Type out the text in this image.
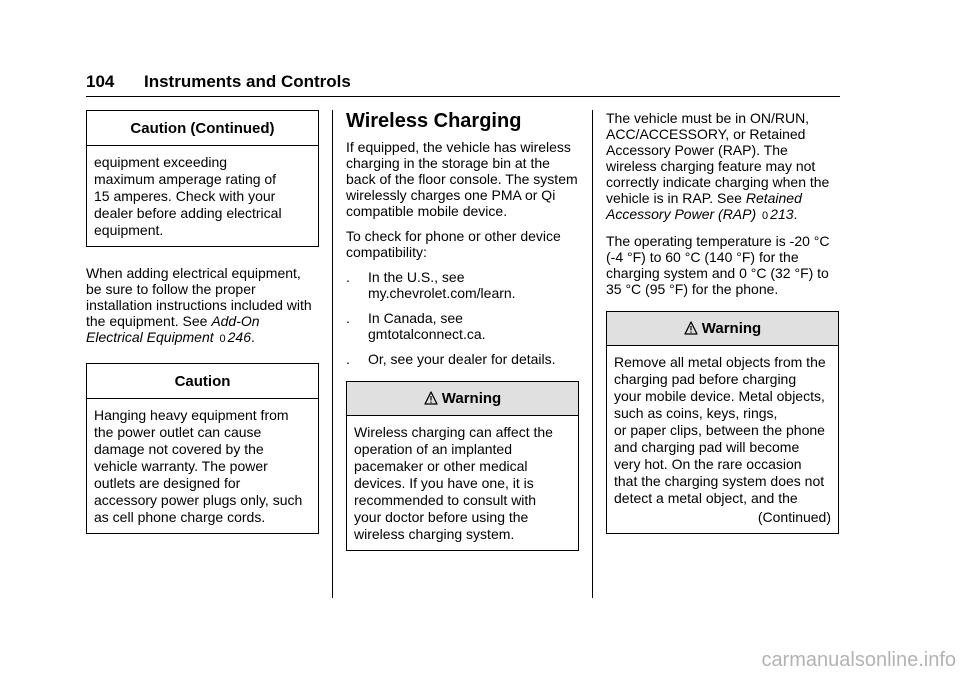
104 Instruments and Controls
Caution (Continued)
equipment exceeding
maximum amperage rating of
15 amperes. Check with your
dealer before adding electrical
equipment.

When adding electrical equipment, be sure to follow the proper installation instructions included with the equipment. See Add-On Electrical Equipment 0 246.

Caution
Hanging heavy equipment from
the power outlet can cause
damage not covered by the
vehicle warranty. The power
outlets are designed for
accessory power plugs only, such
as cell phone charge cords.
Wireless Charging

If equipped, the vehicle has wireless charging in the storage bin at the back of the floor console. The system wirelessly charges one PMA or Qi compatible mobile device.

To check for phone or other device compatibility:

.	In the U.S., see my.chevrolet.com/learn.
.	In Canada, see gmtotalconnect.ca.
.	Or, see your dealer for details.
Warning
Wireless charging can affect the
operation of an implanted
pacemaker or other medical
devices. If you have one, it is
recommended to consult with
your doctor before using the
wireless charging system.

The vehicle must be in ON/RUN, ACC/ACCESSORY, or Retained Accessory Power (RAP). The wireless charging feature may not correctly indicate charging when the vehicle is in RAP. See Retained Accessory Power (RAP) 0 213.

The operating temperature is -20 °C (-4 °F) to 60 °C (140 °F) for the charging system and 0 °C (32 °F) to 35 °C (95 °F) for the phone.

Warning
Remove all metal objects from the
charging pad before charging
your mobile device. Metal objects,
such as coins, keys, rings,
or paper clips, between the phone
and charging pad will become
very hot. On the rare occasion
that the charging system does not
detect a metal object, and the
(Continued)
carmanualsonline.info
